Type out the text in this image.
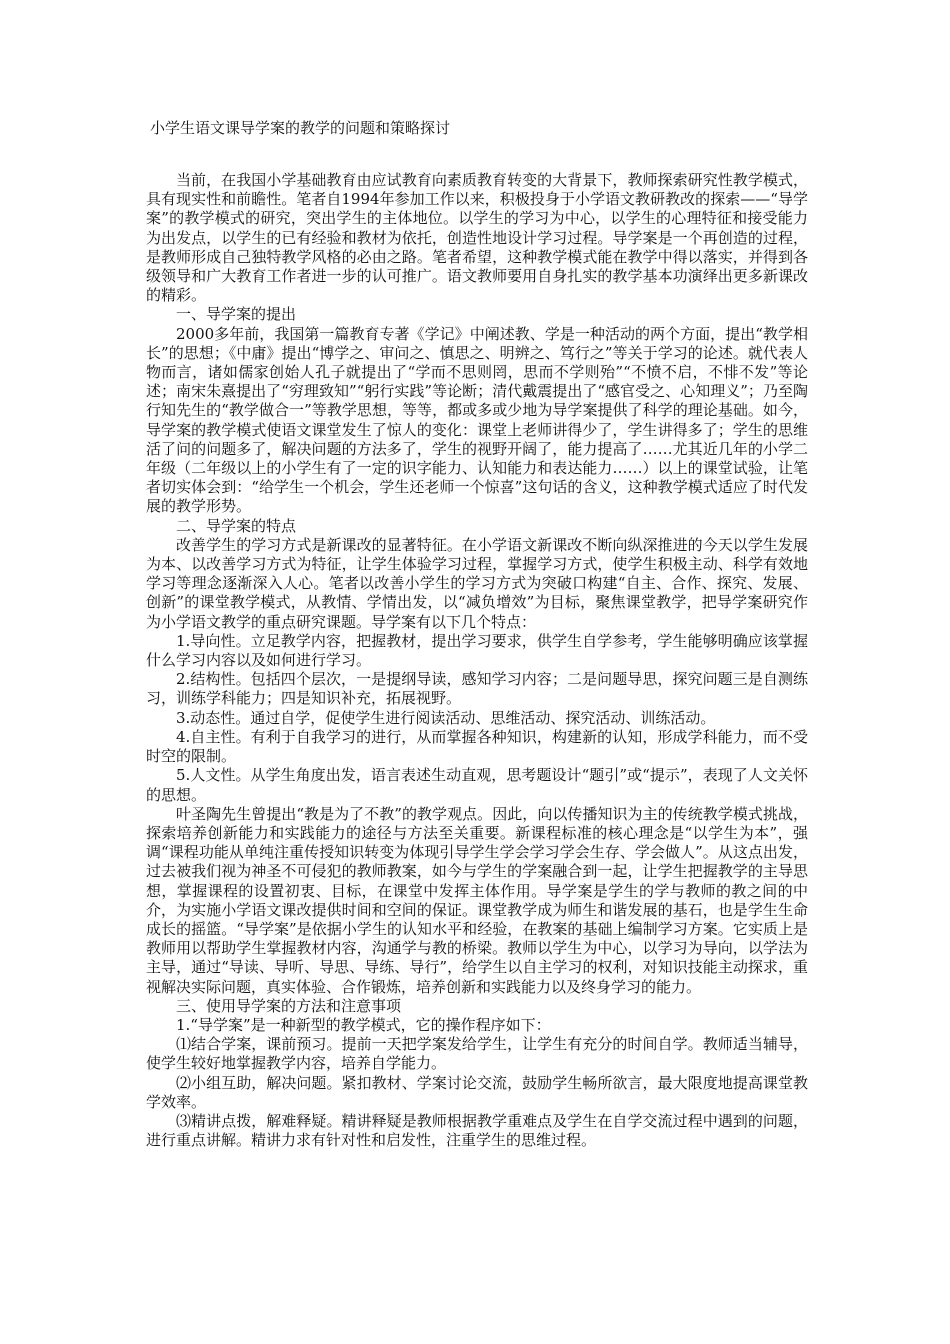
小学生语文课导学案的教学的问题和策略探讨

当前，在我国小学基础教育由应试教育向素质教育转变的大背景下，教师探索研究性教学模式，具有现实性和前瞻性。笔者自1994年参加工作以来，积极投身于小学语文教研教改的探索——“导学案”的教学模式的研究，突出学生的主体地位。以学生的学习为中心，以学生的心理特征和接受能力为出发点，以学生的已有经验和教材为依托，创造性地设计学习过程。导学案是一个再创造的过程，是教师形成自己独特教学风格的必由之路。笔者希望，这种教学模式能在教学中得以落实，并得到各级领导和广大教育工作者进一步的认可推广。语文教师要用自身扎实的教学基本功演绎出更多新课改的精彩。

一、导学案的提出

2000多年前，我国第一篇教育专著《学记》中阐述教、学是一种活动的两个方面，提出“教学相长”的思想；《中庸》提出“博学之、审问之、慎思之、明辨之、笃行之”等关于学习的论述。就代表人物而言，诸如儒家创始人孔子就提出了“学而不思则罔，思而不学则殆”“不愤不启，不悱不发”等论述；南宋朱熹提出了“穷理致知”“躬行实践”等论断；清代戴震提出了“感官受之、心知理义”；乃至陶行知先生的“教学做合一”等教学思想，等等，都或多或少地为导学案提供了科学的理论基础。如今，导学案的教学模式使语文课堂发生了惊人的变化：课堂上老师讲得少了，学生讲得多了；学生的思维活了问的问题多了，解决问题的方法多了，学生的视野开阔了，能力提高了……尤其近几年的小学二年级（二年级以上的小学生有了一定的识字能力、认知能力和表达能力……）以上的课堂试验，让笔者切实体会到：“给学生一个机会，学生还老师一个惊喜”这句话的含义，这种教学模式适应了时代发展的教学形势。

二、导学案的特点

改善学生的学习方式是新课改的显著特征。在小学语文新课改不断向纵深推进的今天以学生发展为本、以改善学习方式为特征，让学生体验学习过程，掌握学习方式，使学生积极主动、科学有效地学习等理念逐渐深入人心。笔者以改善小学生的学习方式为突破口构建“自主、合作、探究、发展、创新”的课堂教学模式，从教情、学情出发，以“减负增效”为目标，聚焦课堂教学，把导学案研究作为小学语文教学的重点研究课题。导学案有以下几个特点：

1.导向性。立足教学内容，把握教材，提出学习要求，供学生自学参考，学生能够明确应该掌握什么学习内容以及如何进行学习。

2.结构性。包括四个层次，一是提纲导读，感知学习内容；二是问题导思，探究问题三是自测练习，训练学科能力；四是知识补充，拓展视野。

3.动态性。通过自学，促使学生进行阅读活动、思维活动、探究活动、训练活动。

4.自主性。有利于自我学习的进行，从而掌握各种知识，构建新的认知，形成学科能力，而不受时空的限制。

5.人文性。从学生角度出发，语言表述生动直观，思考题设计“题引”或“提示”，表现了人文关怀的思想。

叶圣陶先生曾提出“教是为了不教”的教学观点。因此，向以传播知识为主的传统教学模式挑战，探索培养创新能力和实践能力的途径与方法至关重要。新课程标准的核心理念是“以学生为本”，强调“课程功能从单纯注重传授知识转变为体现引导学生学会学习学会生存、学会做人”。从这点出发，过去被我们视为神圣不可侵犯的教师教案，如今与学生的学案融合到一起，让学生把握教学的主导思想，掌握课程的设置初衷、目标，在课堂中发挥主体作用。导学案是学生的学与教师的教之间的中介，为实施小学语文课改提供时间和空间的保证。课堂教学成为师生和谐发展的基石，也是学生生命成长的摇篮。“导学案”是依据小学生的认知水平和经验，在教案的基础上编制学习方案。它实质上是教师用以帮助学生掌握教材内容，沟通学与教的桥梁。教师以学生为中心，以学习为导向，以学法为主导，通过“导读、导听、导思、导练、导行”，给学生以自主学习的权利，对知识技能主动探求，重视解决实际问题，真实体验、合作锻炼，培养创新和实践能力以及终身学习的能力。

三、使用导学案的方法和注意事项

1.“导学案”是一种新型的教学模式，它的操作程序如下：

⑴结合学案，课前预习。提前一天把学案发给学生，让学生有充分的时间自学。教师适当辅导，使学生较好地掌握教学内容，培养自学能力。

⑵小组互助，解决问题。紧扣教材、学案讨论交流，鼓励学生畅所欲言，最大限度地提高课堂教学效率。

⑶精讲点拨，解难释疑。精讲释疑是教师根据教学重难点及学生在自学交流过程中遇到的问题，进行重点讲解。精讲力求有针对性和启发性，注重学生的思维过程。
